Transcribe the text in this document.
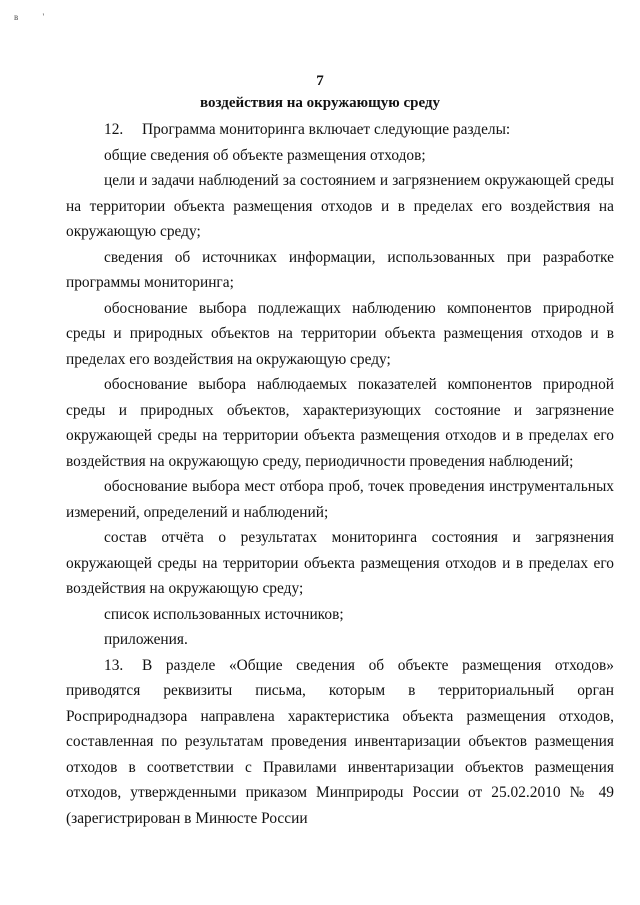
в	'
7
воздействия на окружающую среду

12. Программа мониторинга включает следующие разделы:

общие сведения об объекте размещения отходов;

цели и задачи наблюдений за состоянием и загрязнением окружающей среды на территории объекта размещения отходов и в пределах его воздействия на окружающую среду;

сведения об источниках информации, использованных при разработке программы мониторинга;

обоснование выбора подлежащих наблюдению компонентов природной среды и природных объектов на территории объекта размещения отходов и в пределах его воздействия на окружающую среду;

обоснование выбора наблюдаемых показателей компонентов природной среды и природных объектов, характеризующих состояние и загрязнение окружающей среды на территории объекта размещения отходов и в пределах его воздействия на окружающую среду, периодичности проведения наблюдений;

обоснование выбора мест отбора проб, точек проведения инструментальных измерений, определений и наблюдений;

состав отчёта о результатах мониторинга состояния и загрязнения окружающей среды на территории объекта размещения отходов и в пределах его воздействия на окружающую среду;

список использованных источников;

приложения.

13. В разделе «Общие сведения об объекте размещения отходов» приводятся реквизиты письма, которым в территориальный орган Росприроднадзора направлена характеристика объекта размещения отходов, составленная по результатам проведения инвентаризации объектов размещения отходов в соответствии с Правилами инвентаризации объектов размещения отходов, утвержденными приказом Минприроды России от 25.02.2010 № 49 (зарегистрирован в Минюсте России
